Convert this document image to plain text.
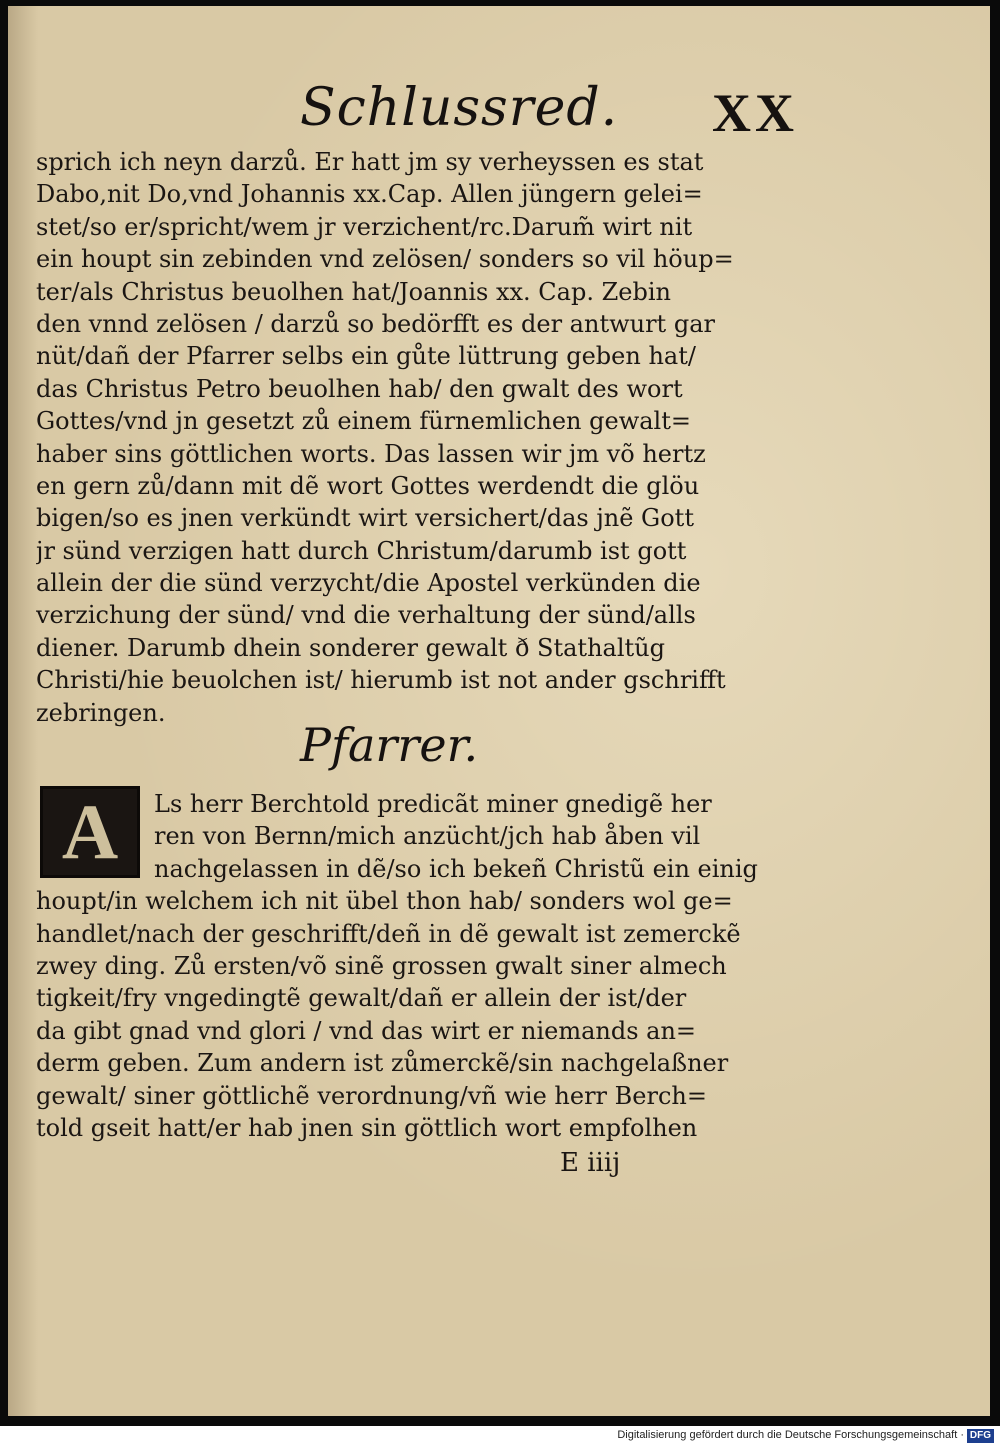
Schlussred. XX
sprich ich neyn darzů. Er hatt jm sy verheyssen es stat
Dabo,nit Do,vnd Johannis xx.Cap. Allen jüngern gelei=
stet/so er/spricht/wem jr verzichent/rc.Darum̃ wirt nit
ein houpt sin zebinden vnd zelösen/ sonders so vil höup=
ter/als Christus beuolhen hat/Joannis xx. Cap. Zebin
den vnnd zelösen / darzů so bedörfft es der antwurt gar
nüt/dañ der Pfarrer selbs ein gůte lüttrung geben hat/
das Christus Petro beuolhen hab/ den gwalt des wort
Gottes/vnd jn gesetzt zů einem fürnemlichen gewalt=
haber sins göttlichen worts. Das lassen wir jm võ hertz
en gern zů/dann mit dẽ wort Gottes werdendt die glöu
bigen/so es jnen verkündt wirt versichert/das jnẽ Gott
jr sünd verzigen hatt durch Christum/darumb ist gott
allein der die sünd verzycht/die Apostel verkünden die
verzichung der sünd/ vnd die verhaltung der sünd/alls
diener. Darumb dhein sonderer gewalt ð Stathaltũg
Christi/hie beuolchen ist/ hierumb ist not ander gschrifft
zebringen.
Pfarrer.
A	Ls herr Berchtold predicãt miner gnedigẽ her
ren von Bernn/mich anzücht/jch hab åben vil
nachgelassen in dẽ/so ich bekeñ Christũ ein einig
houpt/in welchem ich nit übel thon hab/ sonders wol ge=
handlet/nach der geschrifft/deñ in dẽ gewalt ist zemerckẽ
zwey ding. Zů ersten/võ sinẽ grossen gwalt siner almech
tigkeit/fry vngedingtẽ gewalt/dañ er allein der ist/der
da gibt gnad vnd glori / vnd das wirt er niemands an=
derm geben. Zum andern ist zůmerckẽ/sin nachgelaßner
gewalt/ siner göttlichẽ verordnung/vñ wie herr Berch=
told gseit hatt/er hab jnen sin göttlich wort empfolhen
E iiij
Digitalisierung gefördert durch die Deutsche Forschungsgemeinschaft · DFG
